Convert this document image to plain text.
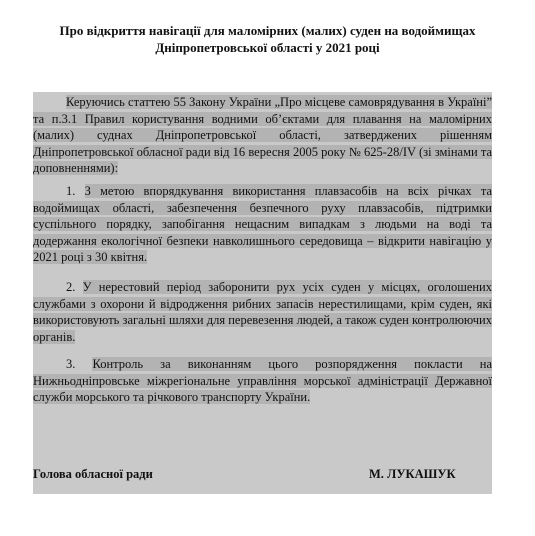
Про відкриття навігації для маломірних (малих) суден на водоймищах
Дніпропетровської області у 2021 році
Керуючись статтею 55 Закону України „Про місцеве самоврядування в Україні” та п.3.1 Правил користування водними об’єктами для плавання на маломірних (малих) суднах Дніпропетровської області, затверджених рішенням Дніпропетровської обласної ради від 16 вересня 2005 року № 625-28/IV (зі змінами та доповненнями):
1. З метою впорядкування використання плавзасобів на всіх річках та водоймищах області, забезпечення безпечного руху плавзасобів, підтримки суспільного порядку, запобігання нещасним випадкам з людьми на воді та додержання екологічної безпеки навколишнього середовища – відкрити навігацію у 2021 році з 30 квітня.
2. У нерестовий період заборонити рух усіх суден у місцях, оголошених службами з охорони й відродження рибних запасів нерестилищами, крім суден, які використовують загальні шляхи для перевезення людей, а також суден контролюючих органів.
3. Контроль за виконанням цього розпорядження покласти на Нижньодніпровське міжрегіональне управління морської адміністрації Державної служби морського та річкового транспорту України.
Голова обласної ради	М. ЛУКАШУК
